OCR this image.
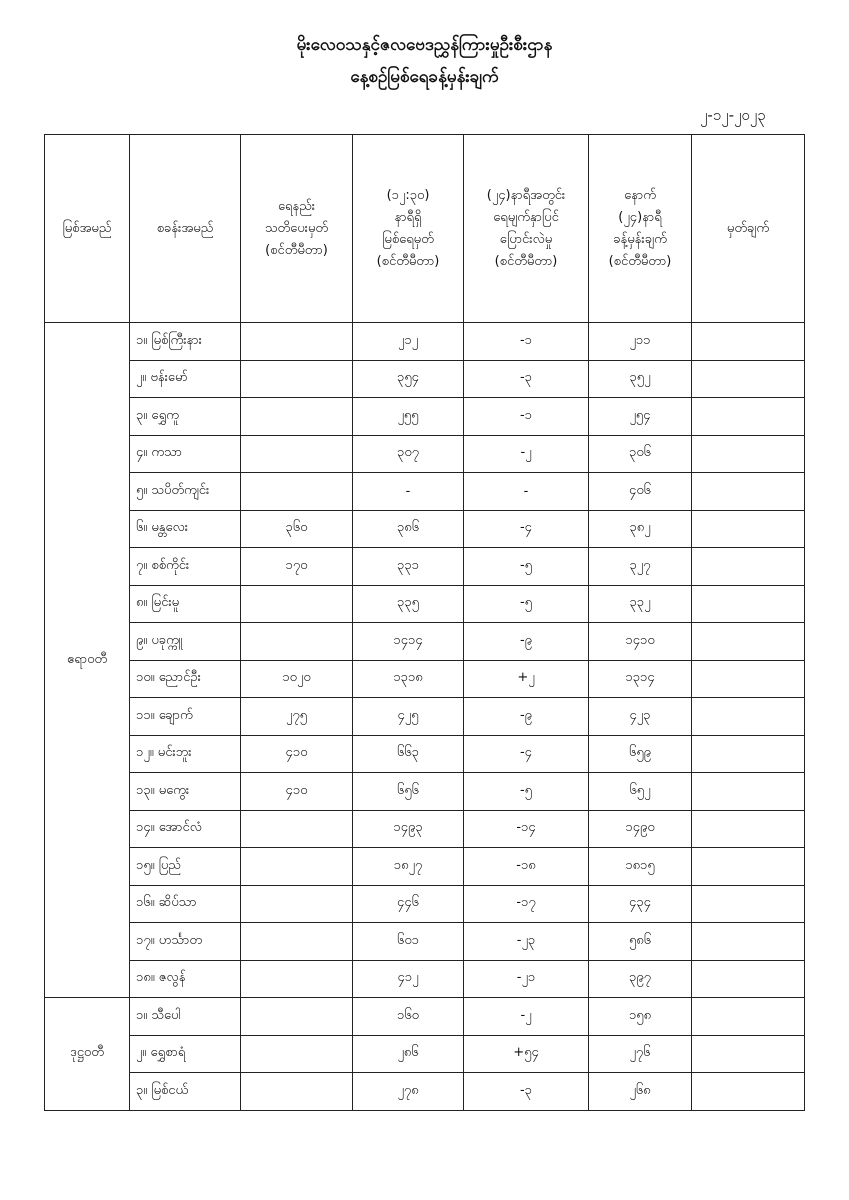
မိုးလေဝသနှင့်ဇလဗေဒညွှန်ကြားမှုဦးစီးဌာန
နေ့စဉ်မြစ်ရေခန့်မှန်းချက်
၂-၁၂-၂၀၂၃
မြစ်အမည်	စခန်းအမည်	ရေနည်း
သတိပေးမှတ်
(စင်တီမီတာ)	(၁၂:၃၀)
နာရီရှိ
မြစ်ရေမှတ်
(စင်တီမီတာ)	(၂၄)နာရီအတွင်း
ရေမျက်နှာပြင်
ပြောင်းလဲမှု
(စင်တီမီတာ)	နောက်
(၂၄)နာရီ
ခန့်မှန်းချက်
(စင်တီမီတာ)	မှတ်ချက်
ဧရာဝတီ	၁။ မြစ်ကြီးနား		၂၁၂	-၁	၂၁၁	
	၂။ ဗန်းမော်		၃၅၄	-၃	၃၅၂	
	၃။ ရွှေကူ		၂၅၅	-၁	၂၅၄	
	၄။ ကသာ		၃၀၇	-၂	၃၀၆	
	၅။ သပိတ်ကျင်း		-	-	၄၀၆	
	၆။ မန္တလေး	၃၆၀	၃၈၆	-၄	၃၈၂	
	၇။ စစ်ကိုင်း	၁၇၀	၃၃၁	-၅	၃၂၇	
	၈။ မြင်းမူ		၃၃၅	-၅	၃၃၂	
	၉။ ပခုက္ကူ		၁၄၁၄	-၉	၁၄၁၀	
	၁၀။ ညောင်ဦး	၁၀၂၀	၁၃၁၈	+၂	၁၃၁၄	
	၁၁။ ချောက်	၂၇၅	၄၂၅	-၉	၄၂၃	
	၁၂။ မင်းဘူး	၄၁၀	၆၆၃	-၄	၆၅၉	
	၁၃။ မကွေး	၄၁၀	၆၅၆	-၅	၆၅၂	
	၁၄။ အောင်လံ		၁၄၉၃	-၁၄	၁၄၉၀	
	၁၅။ ပြည်		၁၈၂၇	-၁၈	၁၈၁၅	
	၁၆။ ဆိပ်သာ		၄၄၆	-၁၇	၄၃၄	
	၁၇။ ဟင်္သာတ		၆၀၁	-၂၃	၅၈၆	
	၁၈။ ဇလွန်		၄၁၂	-၂၁	၃၉၇	
ဒုဋ္ဌဝတီ	၁။ သီပေါ		၁၆၀	-၂	၁၅၈	
	၂။ ရွှေစာရံ		၂၈၆	+၅၄	၂၇၆	
	၃။ မြစ်ငယ်		၂၇၈	-၃	၂၆၈	
